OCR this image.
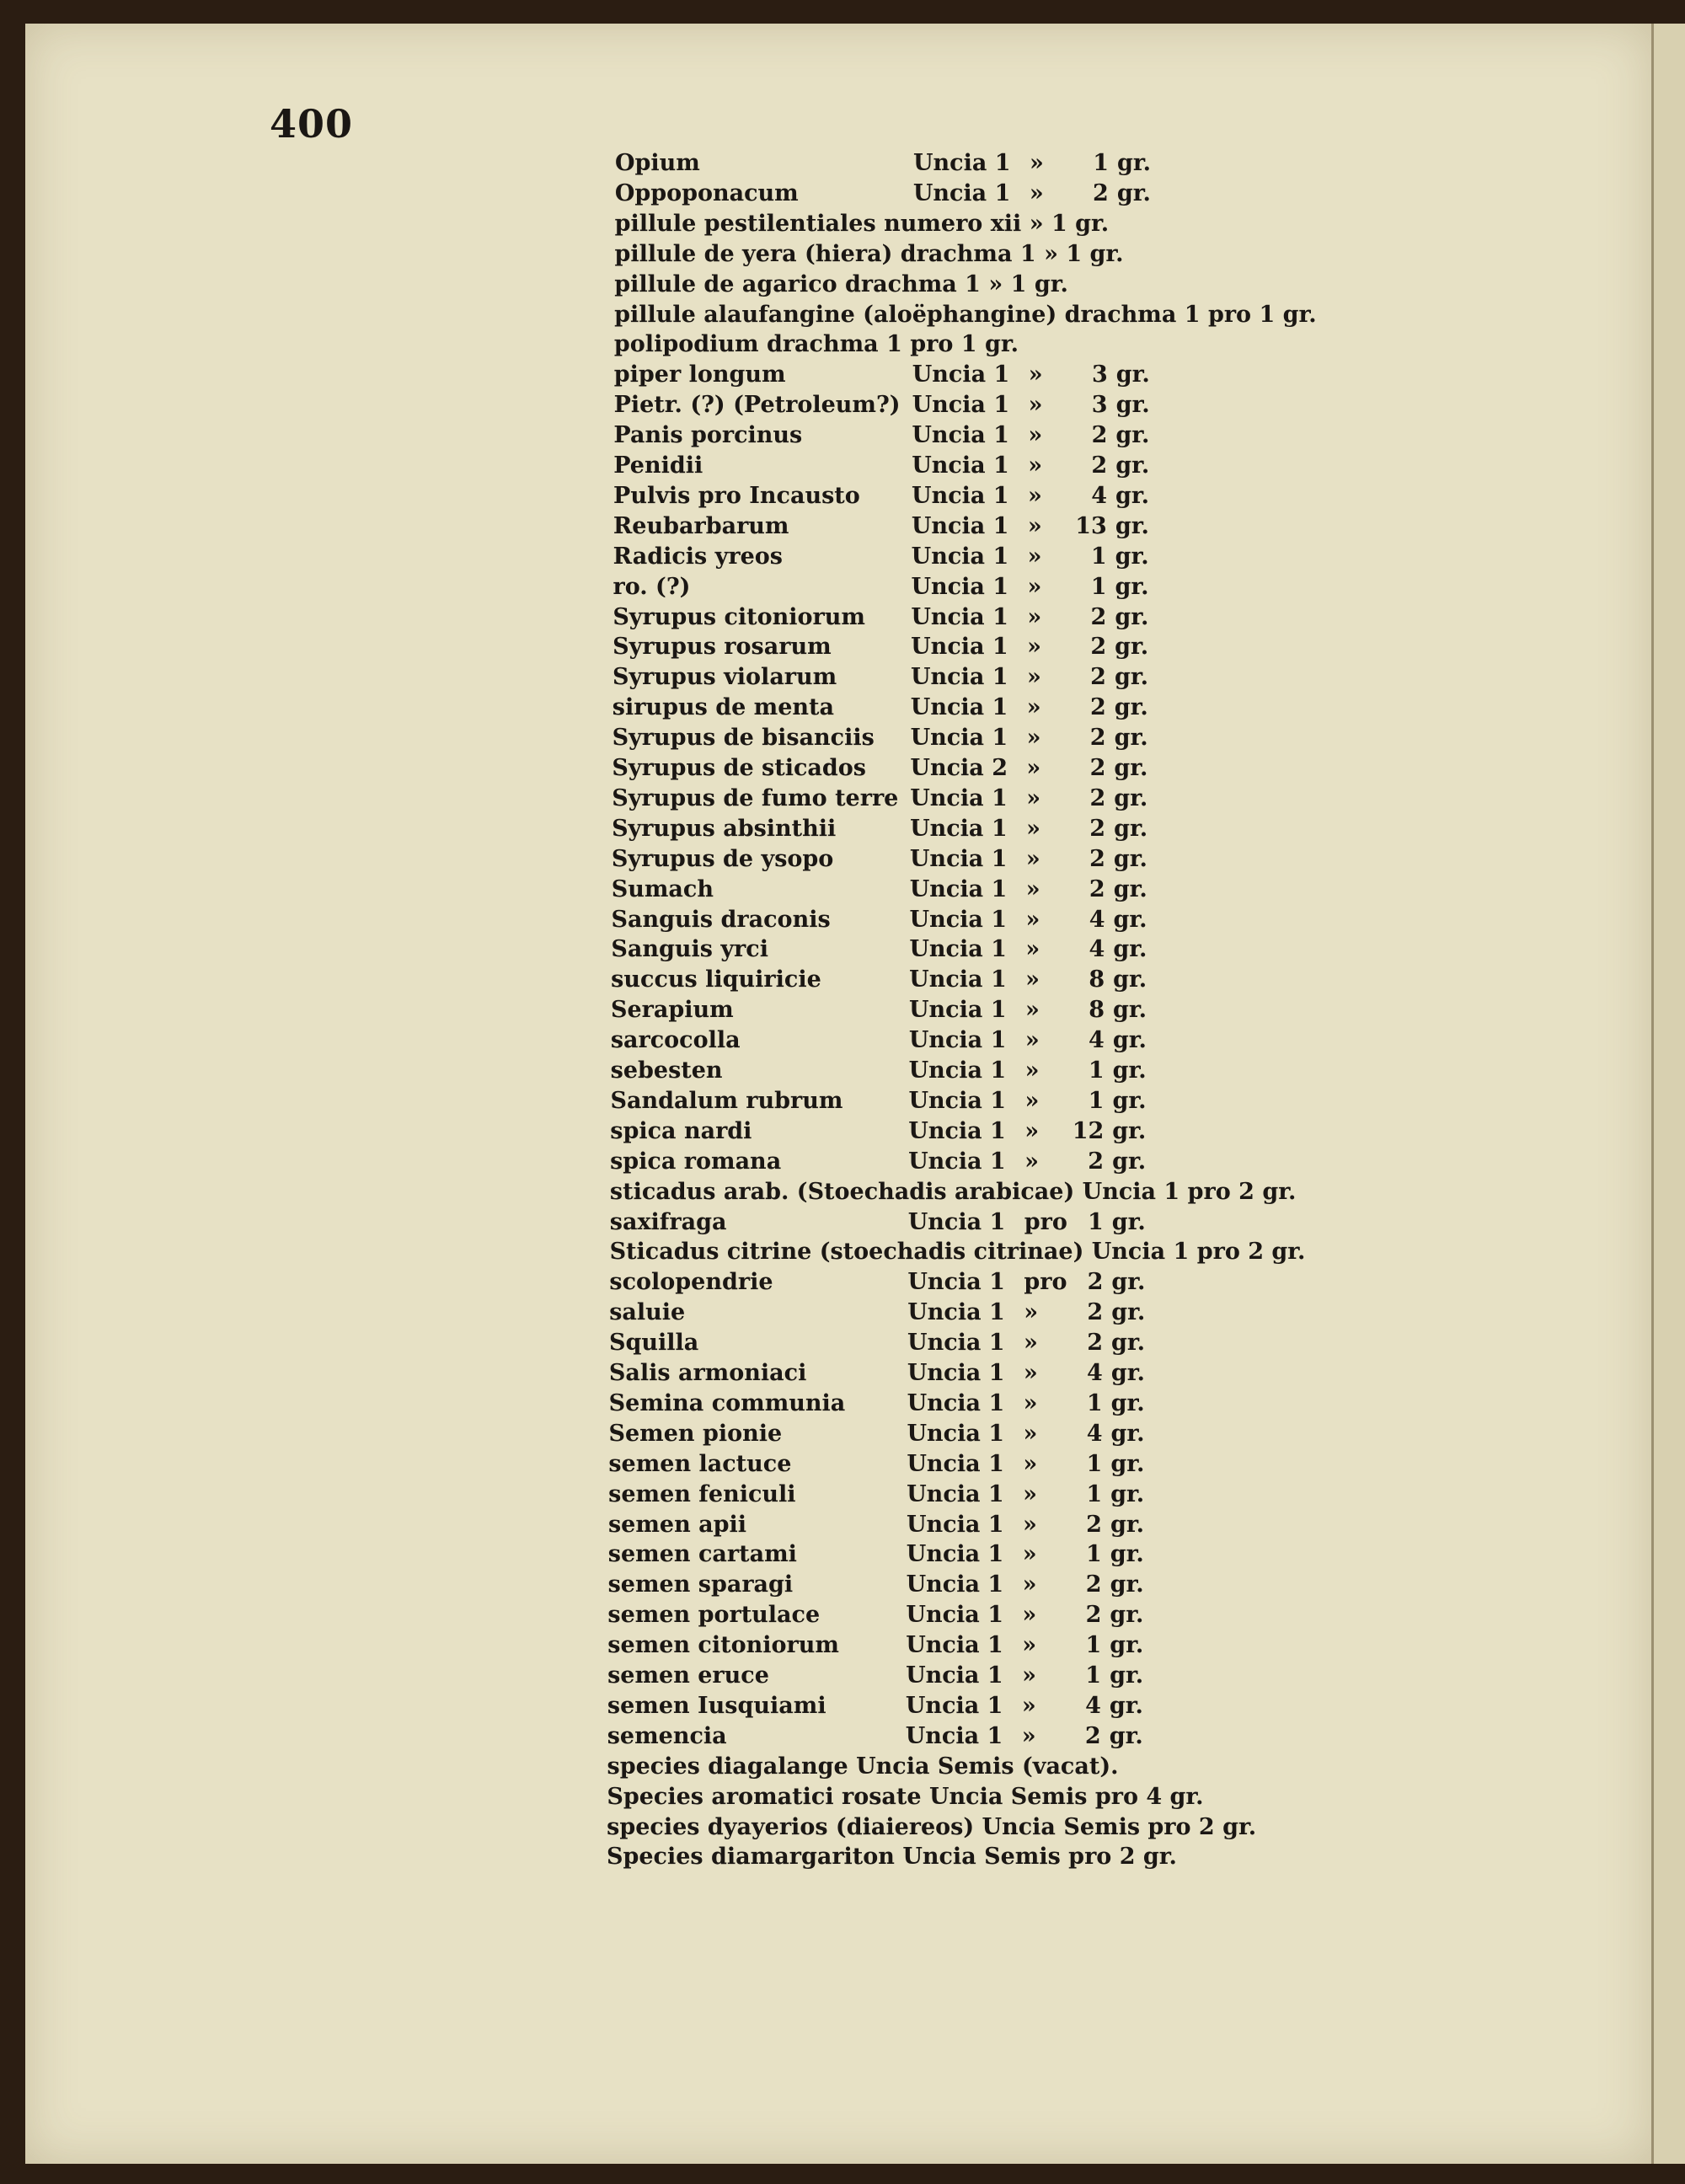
400
Opium	Uncia 1 »	1 gr.
Oppoponacum	Uncia 1 »	2 gr.
pillule pestilentiales numero xii » 1 gr.
pillule de yera (hiera) drachma 1 » 1 gr.
pillule de agarico drachma 1 » 1 gr.
pillule alaufangine (aloëphangine) drachma 1 pro 1 gr.
polipodium drachma 1 pro 1 gr.
piper longum	Uncia 1 »	3 gr.
Pietr. (?) (Petroleum?) Uncia 1 »	3 gr.
Panis porcinus	Uncia 1 »	2 gr.
Penidii	Uncia 1 »	2 gr.
Pulvis pro Incausto Uncia 1 »	4 gr.
Reubarbarum	Uncia 1 » 13 gr.
Radicis yreos	Uncia 1 »	1 gr.
ro. (?)	Uncia 1 »	1 gr.
Syrupus citoniorum Uncia 1 »	2 gr.
Syrupus rosarum	Uncia 1 »	2 gr.
Syrupus violarum	Uncia 1 »	2 gr.
sirupus de menta	Uncia 1 »	2 gr.
Syrupus de bisanciis Uncia 1 »	2 gr.
Syrupus de sticados Uncia 2 »	2 gr.
Syrupus de fumo terre Uncia 1 »	2 gr.
Syrupus absinthii	Uncia 1 »	2 gr.
Syrupus de ysopo	Uncia 1 »	2 gr.
Sumach	Uncia 1 »	2 gr.
Sanguis draconis	Uncia 1 »	4 gr.
Sanguis yrci	Uncia 1 »	4 gr.
succus liquiricie	Uncia 1 »	8 gr.
Serapium	Uncia 1 »	8 gr.
sarcocolla	Uncia 1 »	4 gr.
sebesten	Uncia 1 »	1 gr.
Sandalum rubrum	Uncia 1 »	1 gr.
spica nardi	Uncia 1 » 12 gr.
spica romana	Uncia 1 »	2 gr.
sticadus arab. (Stoechadis arabicae) Uncia 1 pro 2 gr.
saxifraga	Uncia 1 pro 1 gr.
Sticadus citrine (stoechadis citrinae) Uncia 1 pro 2 gr.
scolopendrie	Uncia 1 pro 2 gr.
saluie	Uncia 1 »	2 gr.
Squilla	Uncia 1 »	2 gr.
Salis armoniaci	Uncia 1 »	4 gr.
Semina communia	Uncia 1 »	1 gr.
Semen pionie	Uncia 1 »	4 gr.
semen lactuce	Uncia 1 »	1 gr.
semen feniculi	Uncia 1 »	1 gr.
semen apii	Uncia 1 »	2 gr.
semen cartami	Uncia 1 »	1 gr.
semen sparagi	Uncia 1 »	2 gr.
semen portulace	Uncia 1 »	2 gr.
semen citoniorum	Uncia 1 »	1 gr.
semen eruce	Uncia 1 »	1 gr.
semen Iusquiami	Uncia 1 »	4 gr.
semencia	Uncia 1 »	2 gr.
species diagalange Uncia Semis (vacat).
Species aromatici rosate Uncia Semis pro 4 gr.
species dyayerios (diaiereos) Uncia Semis pro 2 gr.
Species diamargariton Uncia Semis pro 2 gr.
